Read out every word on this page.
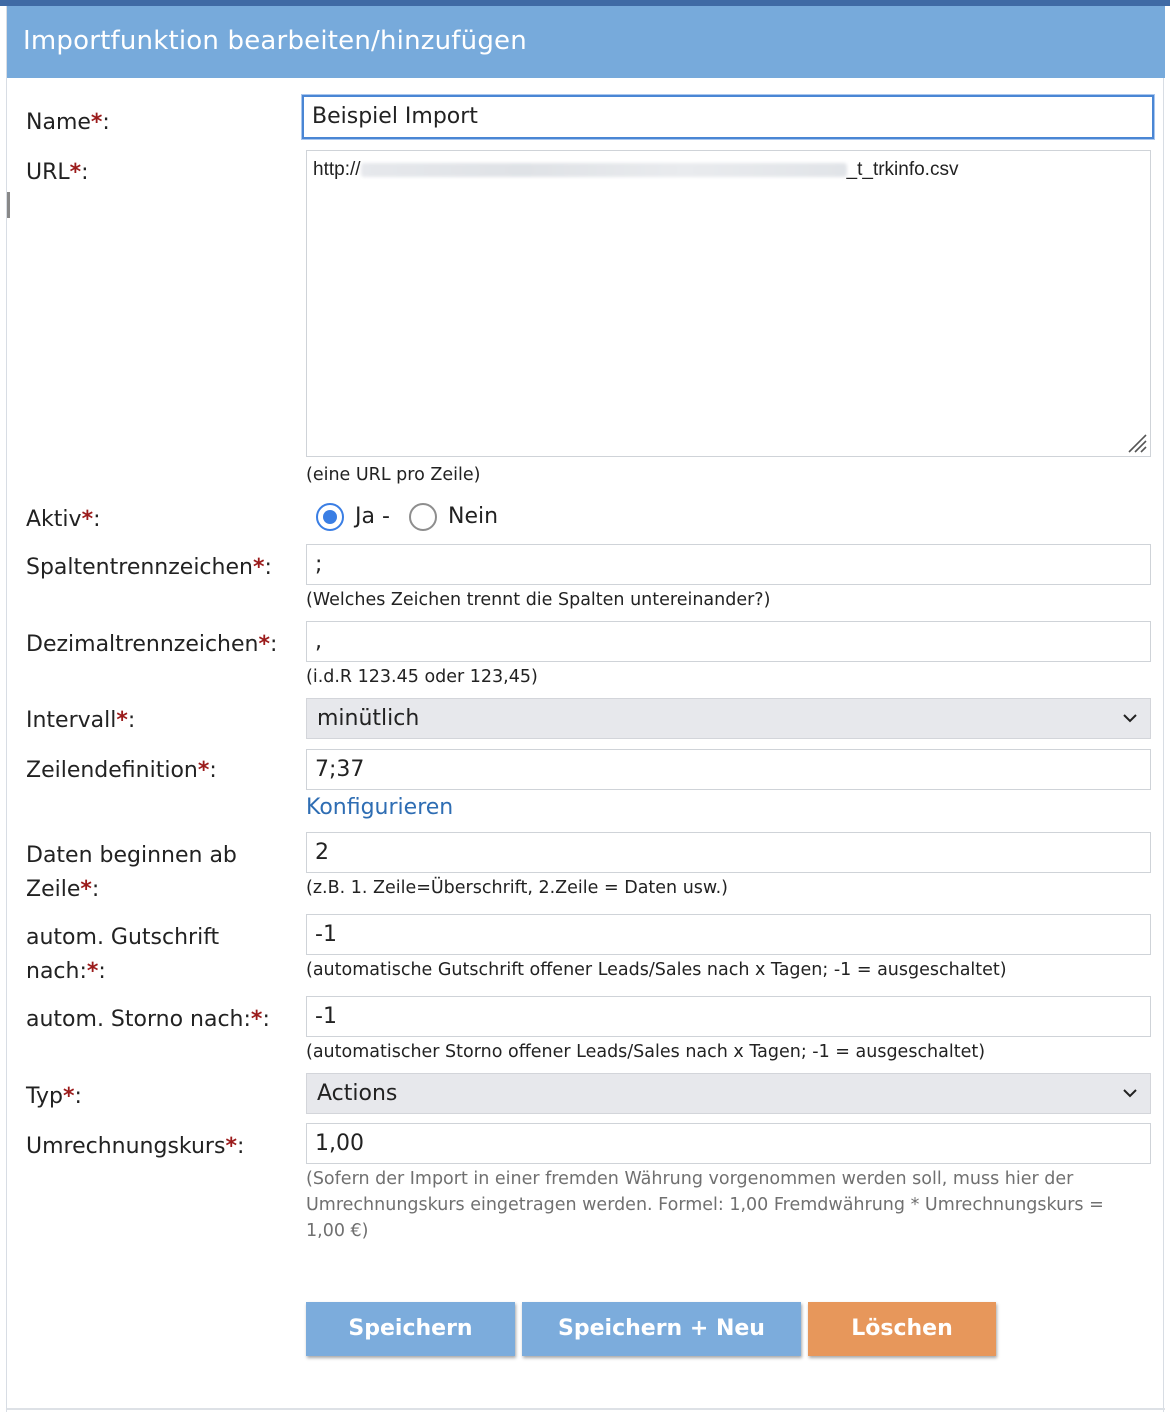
Importfunktion bearbeiten/hinzufügen
Name*:	Beispiel Import
URL*:	http://	_t_trkinfo.csv
(eine URL pro Zeile)
Aktiv*:	Ja -	Nein
Spaltentrennzeichen*:	;
(Welches Zeichen trennt die Spalten untereinander?)
Dezimaltrennzeichen*:	,
(i.d.R 123.45 oder 123,45)
Intervall*:	minütlich
Zeilendefinition*:	7;37
Konfigurieren
Daten beginnen ab
Zeile*:
2
(z.B. 1. Zeile=Überschrift, 2.Zeile = Daten usw.)
autom. Gutschrift
nach:*:
-1
(automatische Gutschrift offener Leads/Sales nach x Tagen; -1 = ausgeschaltet)
autom. Storno nach:*:	-1
(automatischer Storno offener Leads/Sales nach x Tagen; -1 = ausgeschaltet)
Typ*:	Actions
Umrechnungskurs*:	1,00
(Sofern der Import in einer fremden Währung vorgenommen werden soll, muss hier der Umrechnungskurs eingetragen werden. Formel: 1,00 Fremdwährung * Umrechnungskurs = 1,00 €)
Speichern	Speichern + Neu	Löschen
